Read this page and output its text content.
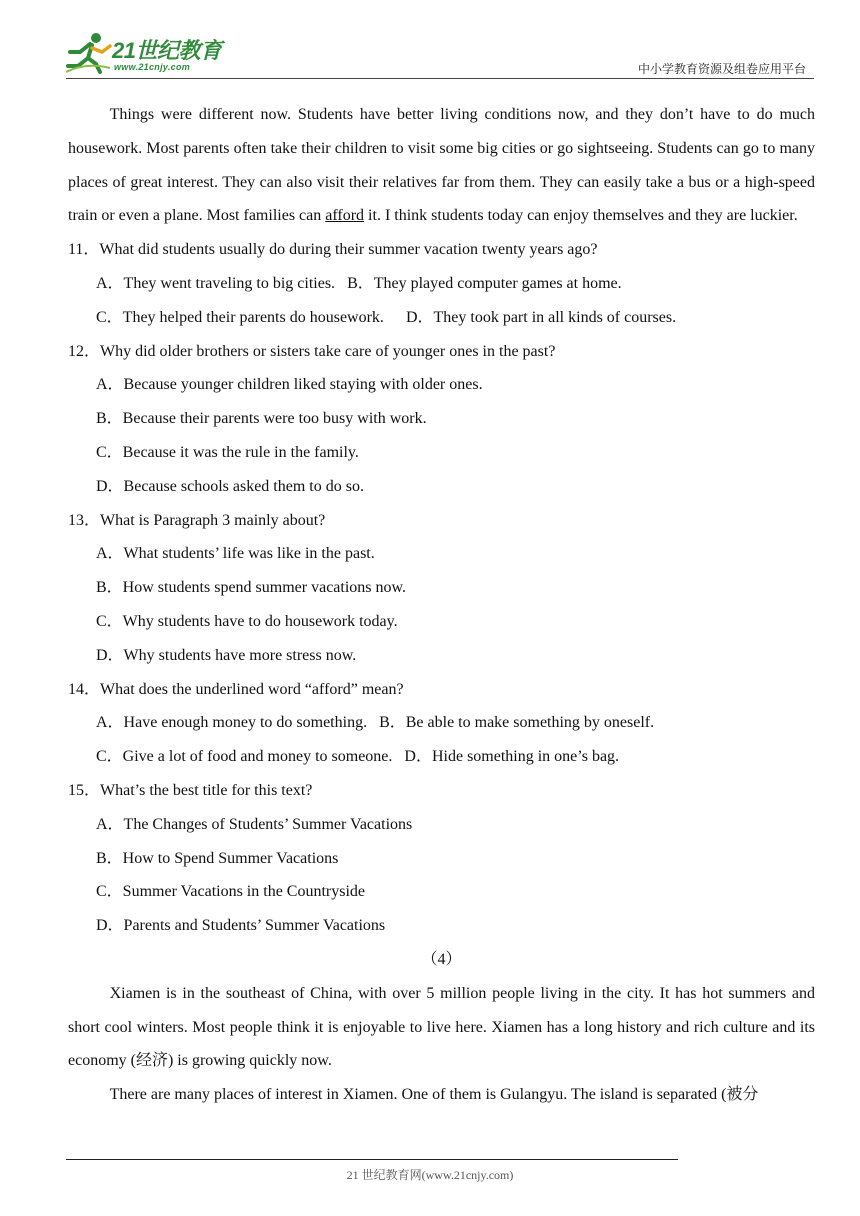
21世纪教育
www.21cnjy.com	中小学教育资源及组卷应用平台

Things were different now. Students have better living conditions now, and they don’t have to do much housework. Most parents often take their children to visit some big cities or go sightseeing. Students can go to many places of great interest. They can also visit their relatives far from them. They can easily take a bus or a high-speed train or even a plane. Most families can afford it. I think students today can enjoy themselves and they are luckier.

11．What did students usually do during their summer vacation twenty years ago?
A．They went traveling to big cities. B．They played computer games at home.
C．They helped their parents do housework. D．They took part in all kinds of courses.
12．Why did older brothers or sisters take care of younger ones in the past?
A．Because younger children liked staying with older ones.
B．Because their parents were too busy with work.
C．Because it was the rule in the family.
D．Because schools asked them to do so.
13．What is Paragraph 3 mainly about?
A．What students’ life was like in the past.
B．How students spend summer vacations now.
C．Why students have to do housework today.
D．Why students have more stress now.
14．What does the underlined word “afford” mean?
A．Have enough money to do something. B．Be able to make something by oneself.
C．Give a lot of food and money to someone. D．Hide something in one’s bag.
15．What’s the best title for this text?
A．The Changes of Students’ Summer Vacations
B．How to Spend Summer Vacations
C．Summer Vacations in the Countryside
D．Parents and Students’ Summer Vacations
（4）

Xiamen is in the southeast of China, with over 5 million people living in the city. It has hot summers and short cool winters. Most people think it is enjoyable to live here. Xiamen has a long history and rich culture and its economy (经济) is growing quickly now.

There are many places of interest in Xiamen. One of them is Gulangyu. The island is separated (被分

21 世纪教育网(www.21cnjy.com)
